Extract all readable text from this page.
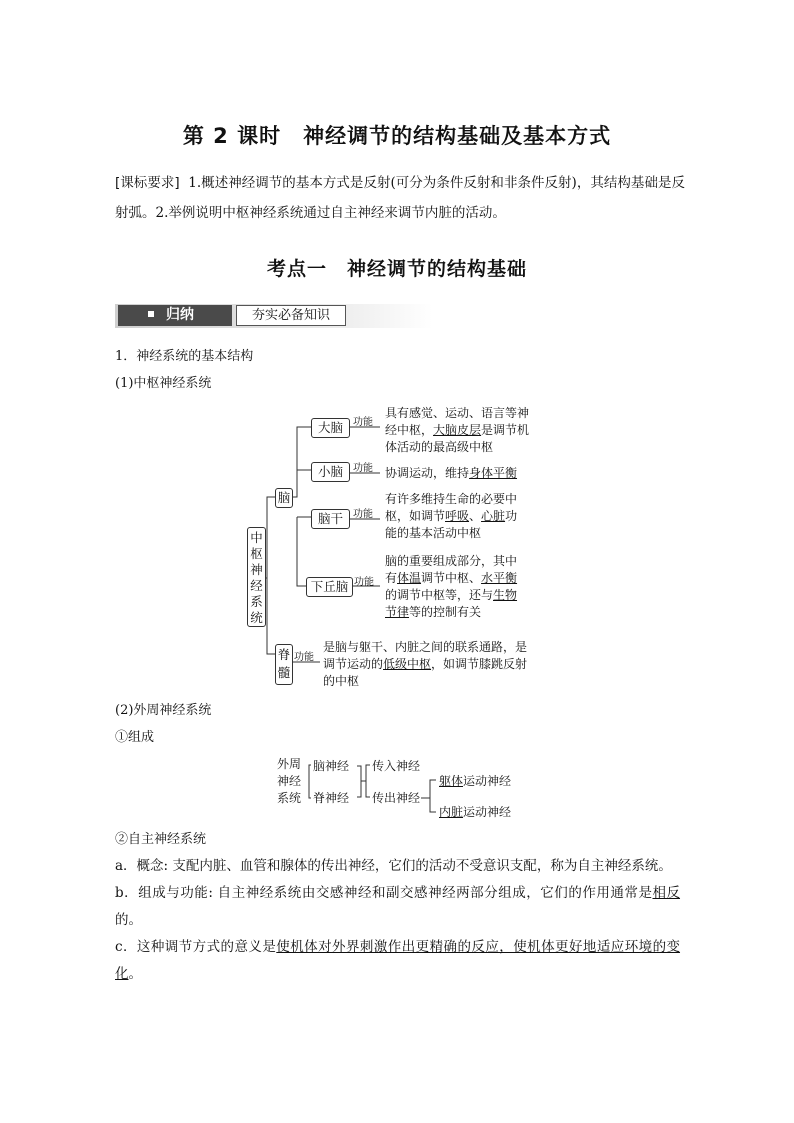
第 2 课时　神经调节的结构基础及基本方式
[课标要求] 1.概述神经调节的基本方式是反射(可分为条件反射和非条件反射)，其结构基础是反射弧。2.举例说明中枢神经系统通过自主神经来调节内脏的活动。
考点一　神经调节的结构基础
归纳	夯实必备知识
1．神经系统的基本结构
(1)中枢神经系统
中
枢
神
经
系
统
脑
脊
髓
大脑
小脑
脑干
下丘脑
功能
功能
功能
功能
功能
具有感觉、运动、语言等神
经中枢，大脑皮层是调节机
体活动的最高级中枢
协调运动，维持身体平衡
有许多维持生命的必要中
枢，如调节呼吸、心脏功
能的基本活动中枢
脑的重要组成部分，其中
有体温调节中枢、水平衡
的调节中枢等，还与生物
节律等的控制有关
是脑与躯干、内脏之间的联系通路，是
调节运动的低级中枢，如调节膝跳反射
的中枢
(2)外周神经系统
①组成
外周
神经
系统
脑神经
脊神经
传入神经
传出神经
躯体运动神经
内脏运动神经
②自主神经系统
a．概念: 支配内脏、血管和腺体的传出神经，它们的活动不受意识支配，称为自主神经系统。
b．组成与功能: 自主神经系统由交感神经和副交感神经两部分组成，它们的作用通常是相反的。
c．这种调节方式的意义是使机体对外界刺激作出更精确的反应，使机体更好地适应环境的变化。
